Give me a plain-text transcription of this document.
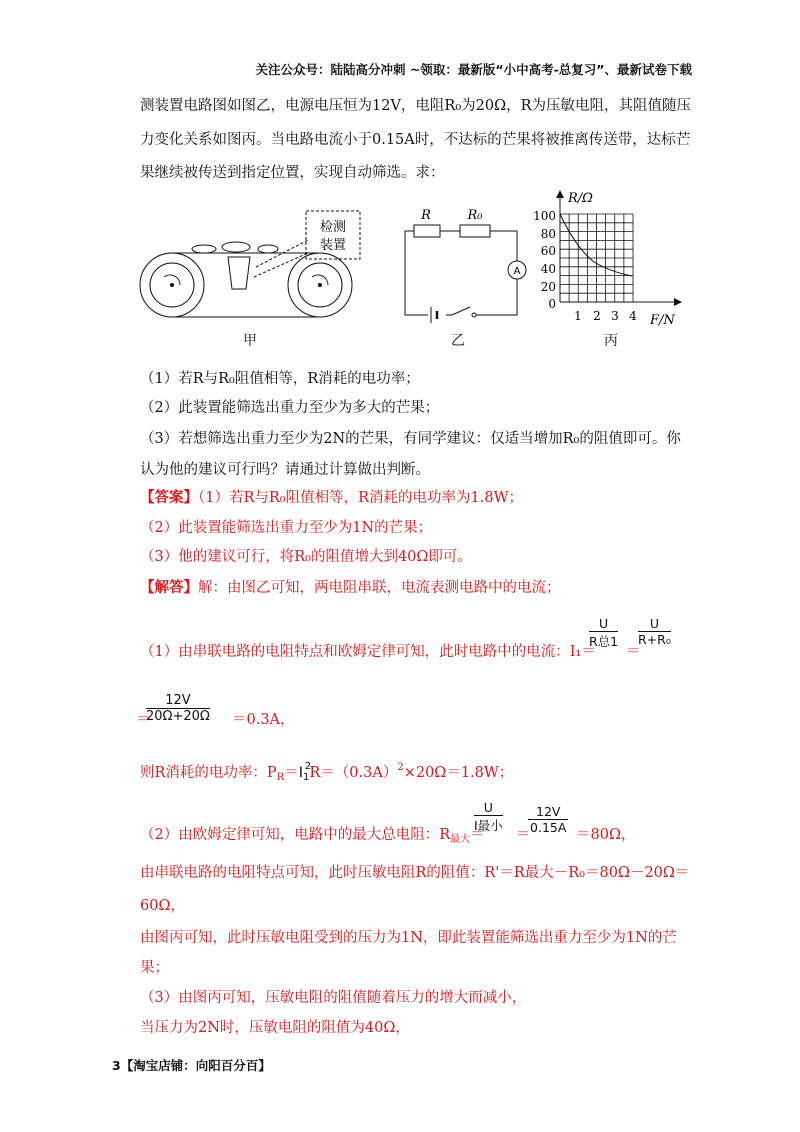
关注公众号：陆陆高分冲刺 ~领取：最新版“小中高考-总复习”、最新试卷下载
测装置电路图如图乙，电源电压恒为12V，电阻R₀为20Ω，R为压敏电阻，其阻值随压
力变化关系如图丙。当电路电流小于0.15A时，不达标的芒果将被推离传送带，达标芒
果继续被传送到指定位置，实现自动筛选。求：
检测
装置
甲
R	R₀
A
乙
R/Ω
F/N
100
80
60
40
20
0
1 2 3 4
丙
（1）若R与R₀阻值相等，R消耗的电功率；
（2）此装置能筛选出重力至少为多大的芒果；
（3）若想筛选出重力至少为2N的芒果，有同学建议：仅适当增加R₀的阻值即可。你
认为他的建议可行吗？请通过计算做出判断。
【答案】（1）若R与R₀阻值相等，R消耗的电功率为1.8W；
（2）此装置能筛选出重力至少为1N的芒果；
（3）他的建议可行，将R₀的阻值增大到40Ω即可。
【解答】解：由图乙可知，两电阻串联，电流表测电路中的电流；
（1）由串联电路的电阻特点和欧姆定律可知，此时电路中的电流：I₁＝
U
R总1
＝
$\frac{U}{\text{R+R₀}}$
$\frac{12V}{20\Omega+20\Omega}$
＝	＝0.3A，
则R消耗的电功率：$P_R=I_1$
2
$R=(0.3A)^2\times 20\Omega=1.8W$；
（2）由欧姆定律可知，电路中的最大总电阻：$R_{最大}=$
U
I最小
＝
$\frac{12V}{0.15A} =80\Omega$，
由串联电路的电阻特点可知，此时压敏电阻R的阻值：R'＝R最大－R₀＝80Ω－20Ω＝
60Ω，
由图丙可知，此时压敏电阻受到的压力为1N，即此装置能筛选出重力至少为1N的芒
果；
（3）由图丙可知，压敏电阻的阻值随着压力的增大而减小，
当压力为2N时，压敏电阻的阻值为40Ω，
3【淘宝店铺：向阳百分百】
